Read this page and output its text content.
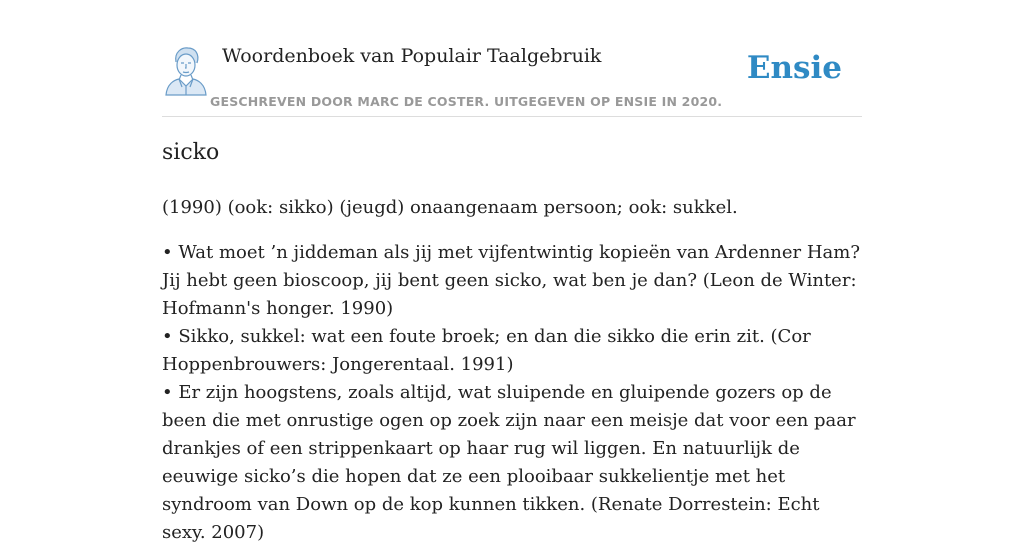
Woordenboek van Populair Taalgebruik	Ensie
GESCHREVEN DOOR MARC DE COSTER. UITGEGEVEN OP ENSIE IN 2020.
sicko

(1990) (ook: sikko) (jeugd) onaangenaam persoon; ook: sukkel.

• Wat moet ’n jiddeman als jij met vijfentwintig kopieën van Ardenner Ham? Jij hebt geen bioscoop, jij bent geen sicko, wat ben je dan? (Leon de Winter: Hofmann's honger. 1990)
• Sikko, sukkel: wat een foute broek; en dan die sikko die erin zit. (Cor Hoppenbrouwers: Jongerentaal. 1991)
• Er zijn hoogstens, zoals altijd, wat sluipende en gluipende gozers op de been die met onrustige ogen op zoek zijn naar een meisje dat voor een paar drankjes of een strippenkaart op haar rug wil liggen. En natuurlijk de eeuwige sicko’s die hopen dat ze een plooibaar sukkelientje met het syndroom van Down op de kop kunnen tikken. (Renate Dorrestein: Echt sexy. 2007)
